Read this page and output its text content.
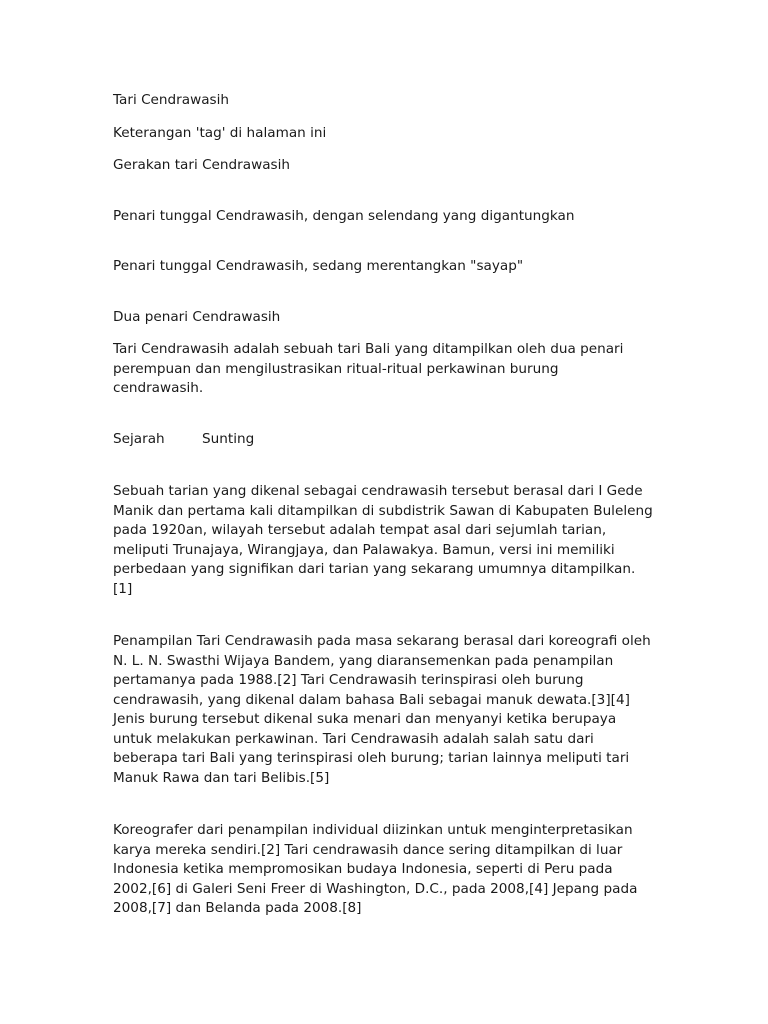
Tari Cendrawasih

Keterangan 'tag' di halaman ini

Gerakan tari Cendrawasih

Penari tunggal Cendrawasih, dengan selendang yang digantungkan

Penari tunggal Cendrawasih, sedang merentangkan "sayap"

Dua penari Cendrawasih

Tari Cendrawasih adalah sebuah tari Bali yang ditampilkan oleh dua penari perempuan dan mengilustrasikan ritual-ritual perkawinan burung cendrawasih.

Sejarah	Sunting

Sebuah tarian yang dikenal sebagai cendrawasih tersebut berasal dari I Gede Manik dan pertama kali ditampilkan di subdistrik Sawan di Kabupaten Buleleng pada 1920an, wilayah tersebut adalah tempat asal dari sejumlah tarian, meliputi Trunajaya, Wirangjaya, dan Palawakya. Bamun, versi ini memiliki perbedaan yang signifikan dari tarian yang sekarang umumnya ditampilkan.[1]

Penampilan Tari Cendrawasih pada masa sekarang berasal dari koreografi oleh N. L. N. Swasthi Wijaya Bandem, yang diaransemenkan pada penampilan pertamanya pada 1988.[2] Tari Cendrawasih terinspirasi oleh burung cendrawasih, yang dikenal dalam bahasa Bali sebagai manuk dewata.[3][4] Jenis burung tersebut dikenal suka menari dan menyanyi ketika berupaya untuk melakukan perkawinan. Tari Cendrawasih adalah salah satu dari beberapa tari Bali yang terinspirasi oleh burung; tarian lainnya meliputi tari Manuk Rawa dan tari Belibis.[5]

Koreografer dari penampilan individual diizinkan untuk menginterpretasikan karya mereka sendiri.[2] Tari cendrawasih dance sering ditampilkan di luar Indonesia ketika mempromosikan budaya Indonesia, seperti di Peru pada 2002,[6] di Galeri Seni Freer di Washington, D.C., pada 2008,[4] Jepang pada 2008,[7] dan Belanda pada 2008.[8]
